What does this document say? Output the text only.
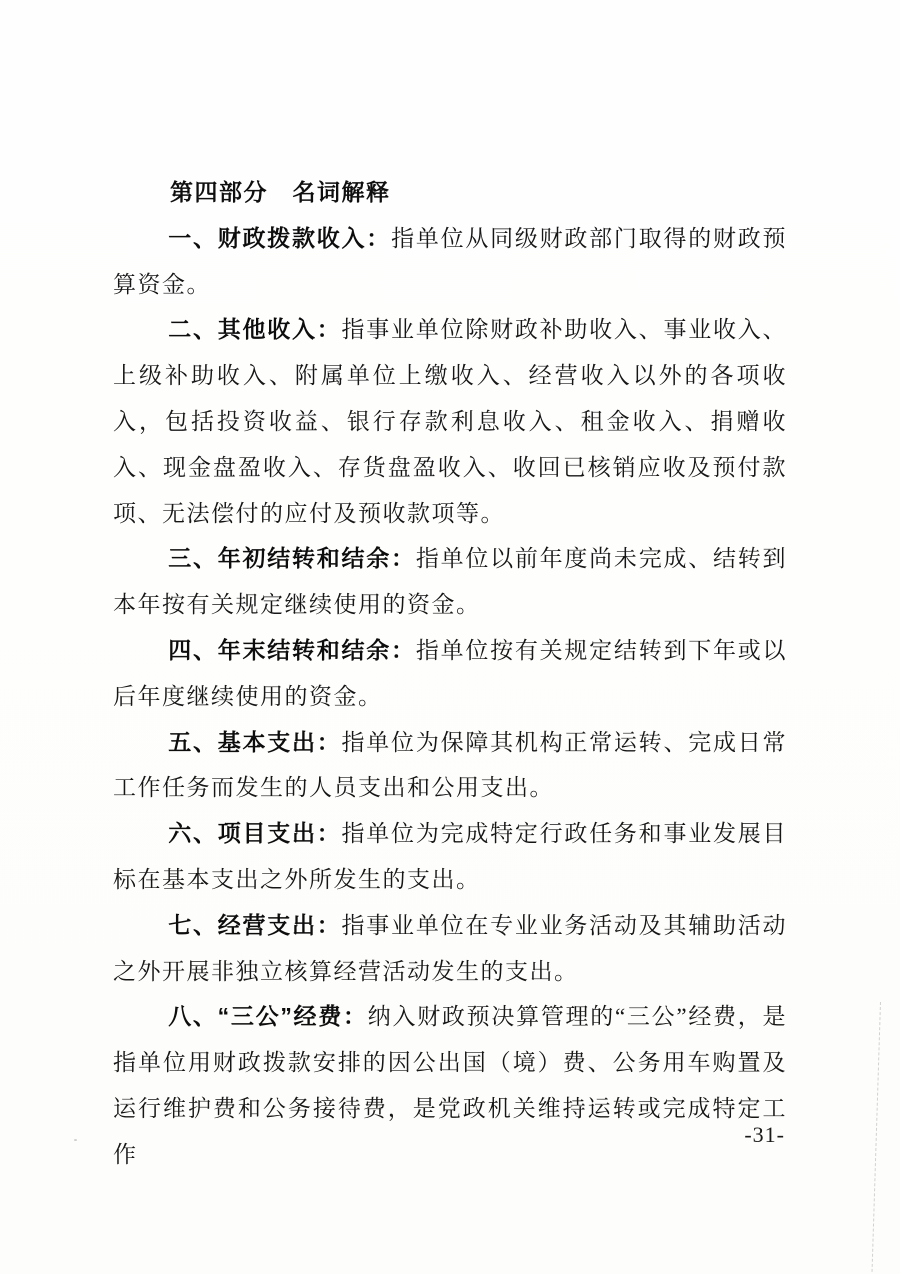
第四部分　名词解释

一、财政拨款收入：指单位从同级财政部门取得的财政预算资金。

二、其他收入：指事业单位除财政补助收入、事业收入、上级补助收入、附属单位上缴收入、经营收入以外的各项收入，包括投资收益、银行存款利息收入、租金收入、捐赠收入、现金盘盈收入、存货盘盈收入、收回已核销应收及预付款项、无法偿付的应付及预收款项等。

三、年初结转和结余：指单位以前年度尚未完成、结转到本年按有关规定继续使用的资金。

四、年末结转和结余：指单位按有关规定结转到下年或以后年度继续使用的资金。

五、基本支出：指单位为保障其机构正常运转、完成日常工作任务而发生的人员支出和公用支出。

六、项目支出：指单位为完成特定行政任务和事业发展目标在基本支出之外所发生的支出。

七、经营支出：指事业单位在专业业务活动及其辅助活动之外开展非独立核算经营活动发生的支出。

八、“三公”经费：纳入财政预决算管理的“三公”经费，是指单位用财政拨款安排的因公出国（境）费、公务用车购置及运行维护费和公务接待费，是党政机关维持运转或完成特定工作

-31-
